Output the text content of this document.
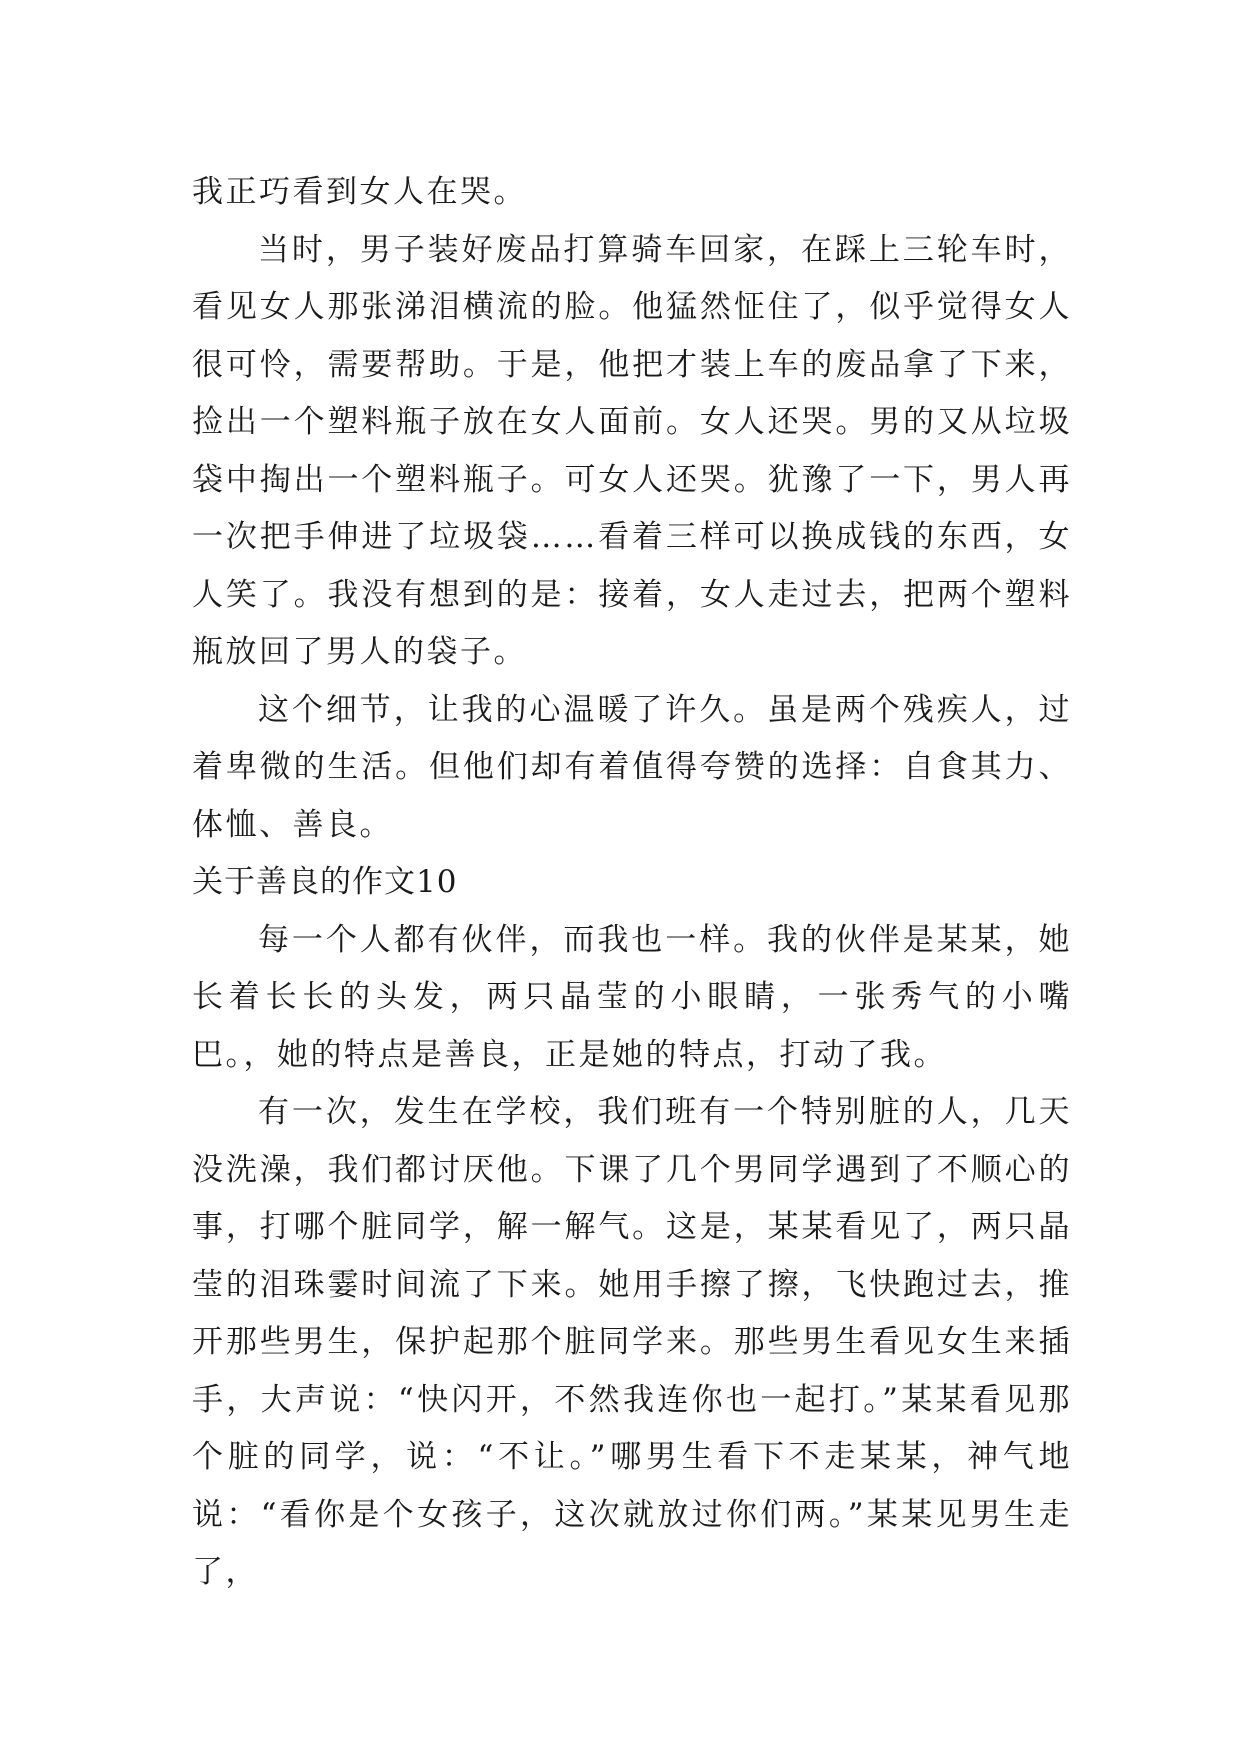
我正巧看到女人在哭。

当时，男子装好废品打算骑车回家，在踩上三轮车时，看见女人那张涕泪横流的脸。他猛然怔住了，似乎觉得女人很可怜，需要帮助。于是，他把才装上车的废品拿了下来，捡出一个塑料瓶子放在女人面前。女人还哭。男的又从垃圾袋中掏出一个塑料瓶子。可女人还哭。犹豫了一下，男人再一次把手伸进了垃圾袋……看着三样可以换成钱的东西，女人笑了。我没有想到的是：接着，女人走过去，把两个塑料瓶放回了男人的袋子。

这个细节，让我的心温暖了许久。虽是两个残疾人，过着卑微的生活。但他们却有着值得夸赞的选择：自食其力、体恤、善良。

关于善良的作文10

每一个人都有伙伴，而我也一样。我的伙伴是某某，她长着长长的头发，两只晶莹的小眼睛，一张秀气的小嘴巴。，她的特点是善良，正是她的特点，打动了我。

有一次，发生在学校，我们班有一个特别脏的人，几天没洗澡，我们都讨厌他。下课了几个男同学遇到了不顺心的事，打哪个脏同学，解一解气。这是，某某看见了，两只晶莹的泪珠霎时间流了下来。她用手擦了擦，飞快跑过去，推开那些男生，保护起那个脏同学来。那些男生看见女生来插手，大声说：“快闪开，不然我连你也一起打。”某某看见那个脏的同学，说：“不让。”哪男生看下不走某某，神气地说：“看你是个女孩子，这次就放过你们两。”某某见男生走了，
